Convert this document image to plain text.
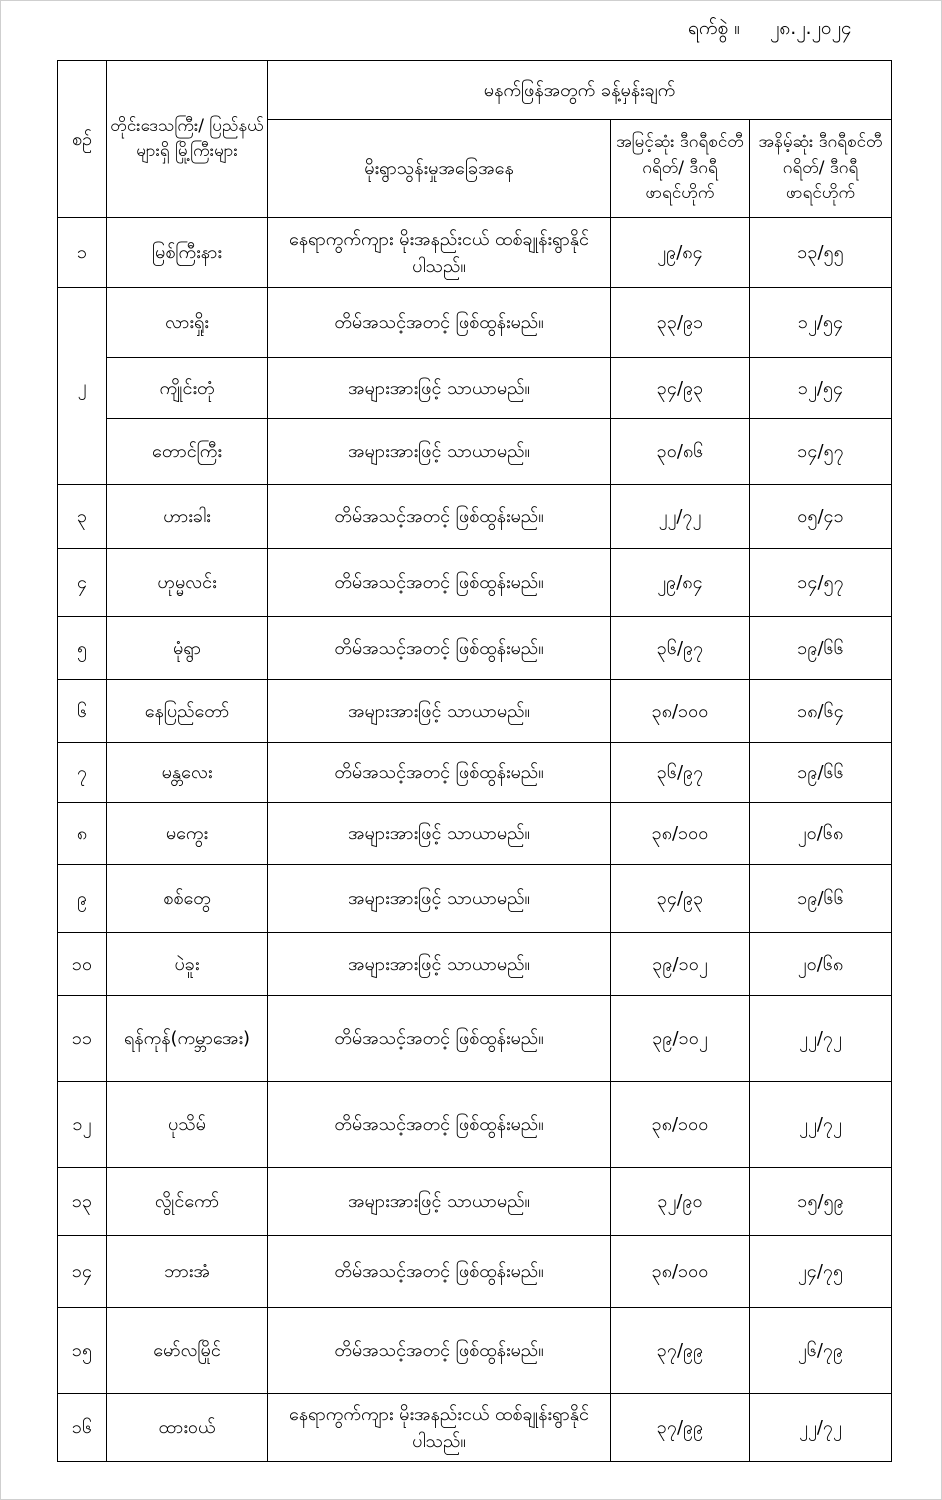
ရက်စွဲ ။ ၂၈.၂.၂၀၂၄
စဉ်	တိုင်းဒေသကြီး/ ပြည်နယ်များရှိ မြို့ကြီးများ	မနက်ဖြန်အတွက် ခန့်မှန်းချက်		
		မိုးရွာသွန်းမှုအခြေအနေ	အမြင့်ဆုံး ဒီဂရီစင်တီဂရိတ်/ ဒီဂရီဖာရင်ဟိုက်	အနိမ့်ဆုံး ဒီဂရီစင်တီဂရိတ်/ ဒီဂရီဖာရင်ဟိုက်
၁	မြစ်ကြီးနား	နေရာကွက်ကျား မိုးအနည်းငယ် ထစ်ချုန်းရွာနိုင်ပါသည်။	၂၉/၈၄	၁၃/၅၅
၂	လားရှိုး	တိမ်အသင့်အတင့် ဖြစ်ထွန်းမည်။	၃၃/၉၁	၁၂/၅၄
	ကျိုင်းတုံ	အများအားဖြင့် သာယာမည်။	၃၄/၉၃	၁၂/၅၄
	တောင်ကြီး	အများအားဖြင့် သာယာမည်။	၃၀/၈၆	၁၄/၅၇
၃	ဟားခါး	တိမ်အသင့်အတင့် ဖြစ်ထွန်းမည်။	၂၂/၇၂	၀၅/၄၁
၄	ဟုမ္မလင်း	တိမ်အသင့်အတင့် ဖြစ်ထွန်းမည်။	၂၉/၈၄	၁၄/၅၇
၅	မုံရွာ	တိမ်အသင့်အတင့် ဖြစ်ထွန်းမည်။	၃၆/၉၇	၁၉/၆၆
၆	နေပြည်တော်	အများအားဖြင့် သာယာမည်။	၃၈/၁၀၀	၁၈/၆၄
၇	မန္တလေး	တိမ်အသင့်အတင့် ဖြစ်ထွန်းမည်။	၃၆/၉၇	၁၉/၆၆
၈	မကွေး	အများအားဖြင့် သာယာမည်။	၃၈/၁၀၀	၂၀/၆၈
၉	စစ်တွေ	အများအားဖြင့် သာယာမည်။	၃၄/၉၃	၁၉/၆၆
၁၀	ပဲခူး	အများအားဖြင့် သာယာမည်။	၃၉/၁၀၂	၂၀/၆၈
၁၁	ရန်ကုန်(ကမ္ဘာအေး)	တိမ်အသင့်အတင့် ဖြစ်ထွန်းမည်။	၃၉/၁၀၂	၂၂/၇၂
၁၂	ပုသိမ်	တိမ်အသင့်အတင့် ဖြစ်ထွန်းမည်။	၃၈/၁၀၀	၂၂/၇၂
၁၃	လွိုင်ကော်	အများအားဖြင့် သာယာမည်။	၃၂/၉၀	၁၅/၅၉
၁၄	ဘားအံ	တိမ်အသင့်အတင့် ဖြစ်ထွန်းမည်။	၃၈/၁၀၀	၂၄/၇၅
၁၅	မော်လမြိုင်	တိမ်အသင့်အတင့် ဖြစ်ထွန်းမည်။	၃၇/၉၉	၂၆/၇၉
၁၆	ထားဝယ်	နေရာကွက်ကျား မိုးအနည်းငယ် ထစ်ချုန်းရွာနိုင်ပါသည်။	၃၇/၉၉	၂၂/၇၂
